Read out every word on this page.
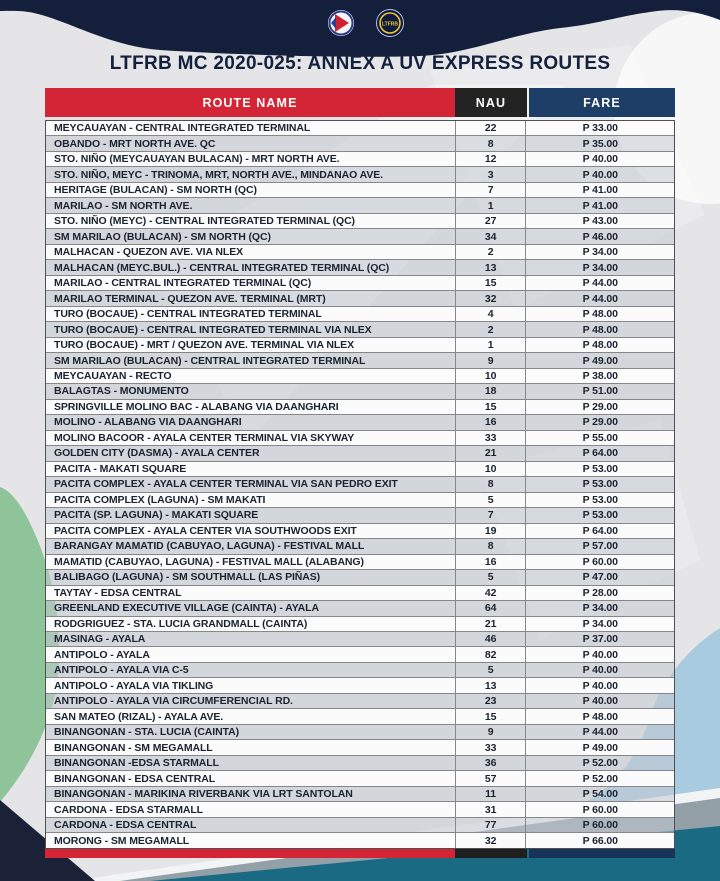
LTFRB
LTFRB MC 2020-025: ANNEX A UV EXPRESS ROUTES
ROUTE NAME	NAU	FARE
MEYCAUAYAN - CENTRAL INTEGRATED TERMINAL	22	P 33.00
OBANDO - MRT NORTH AVE. QC	8	P 35.00
STO. NIÑO (MEYCAUAYAN BULACAN) - MRT NORTH AVE.	12	P 40.00
STO. NIÑO, MEYC - TRINOMA, MRT, NORTH AVE., MINDANAO AVE.	3	P 40.00
HERITAGE (BULACAN) - SM NORTH (QC)	7	P 41.00
MARILAO - SM NORTH AVE.	1	P 41.00
STO. NIÑO (MEYC) - CENTRAL INTEGRATED TERMINAL (QC)	27	P 43.00
SM MARILAO (BULACAN) - SM NORTH (QC)	34	P 46.00
MALHACAN - QUEZON AVE. VIA NLEX	2	P 34.00
MALHACAN (MEYC.BUL.) - CENTRAL INTEGRATED TERMINAL (QC)	13	P 34.00
MARILAO - CENTRAL INTEGRATED TERMINAL (QC)	15	P 44.00
MARILAO TERMINAL - QUEZON AVE. TERMINAL (MRT)	32	P 44.00
TURO (BOCAUE) - CENTRAL INTEGRATED TERMINAL	4	P 48.00
TURO (BOCAUE) - CENTRAL INTEGRATED TERMINAL VIA NLEX	2	P 48.00
TURO (BOCAUE) - MRT / QUEZON AVE. TERMINAL VIA NLEX	1	P 48.00
SM MARILAO (BULACAN) - CENTRAL INTEGRATED TERMINAL	9	P 49.00
MEYCAUAYAN - RECTO	10	P 38.00
BALAGTAS - MONUMENTO	18	P 51.00
SPRINGVILLE MOLINO BAC - ALABANG VIA DAANGHARI	15	P 29.00
MOLINO - ALABANG VIA DAANGHARI	16	P 29.00
MOLINO BACOOR - AYALA CENTER TERMINAL VIA SKYWAY	33	P 55.00
GOLDEN CITY (DASMA) - AYALA CENTER	21	P 64.00
PACITA - MAKATI SQUARE	10	P 53.00
PACITA COMPLEX - AYALA CENTER TERMINAL VIA SAN PEDRO EXIT	8	P 53.00
PACITA COMPLEX (LAGUNA) - SM MAKATI	5	P 53.00
PACITA (SP. LAGUNA) - MAKATI SQUARE	7	P 53.00
PACITA COMPLEX - AYALA CENTER VIA SOUTHWOODS EXIT	19	P 64.00
BARANGAY MAMATID (CABUYAO, LAGUNA) - FESTIVAL MALL	8	P 57.00
MAMATID (CABUYAO, LAGUNA) - FESTIVAL MALL (ALABANG)	16	P 60.00
BALIBAGO (LAGUNA) - SM SOUTHMALL (LAS PIÑAS)	5	P 47.00
TAYTAY - EDSA CENTRAL	42	P 28.00
GREENLAND EXECUTIVE VILLAGE (CAINTA) - AYALA	64	P 34.00
RODGRIGUEZ - STA. LUCIA GRANDMALL (CAINTA)	21	P 34.00
MASINAG - AYALA	46	P 37.00
ANTIPOLO - AYALA	82	P 40.00
ANTIPOLO - AYALA VIA C-5	5	P 40.00
ANTIPOLO - AYALA VIA TIKLING	13	P 40.00
ANTIPOLO - AYALA VIA CIRCUMFERENCIAL RD.	23	P 40.00
SAN MATEO (RIZAL) - AYALA AVE.	15	P 48.00
BINANGONAN - STA. LUCIA (CAINTA)	9	P 44.00
BINANGONAN - SM MEGAMALL	33	P 49.00
BINANGONAN -EDSA STARMALL	36	P 52.00
BINANGONAN - EDSA CENTRAL	57	P 52.00
BINANGONAN - MARIKINA RIVERBANK VIA LRT SANTOLAN	11	P 54.00
CARDONA - EDSA STARMALL	31	P 60.00
CARDONA - EDSA CENTRAL	77	P 60.00
MORONG - SM MEGAMALL	32	P 66.00
